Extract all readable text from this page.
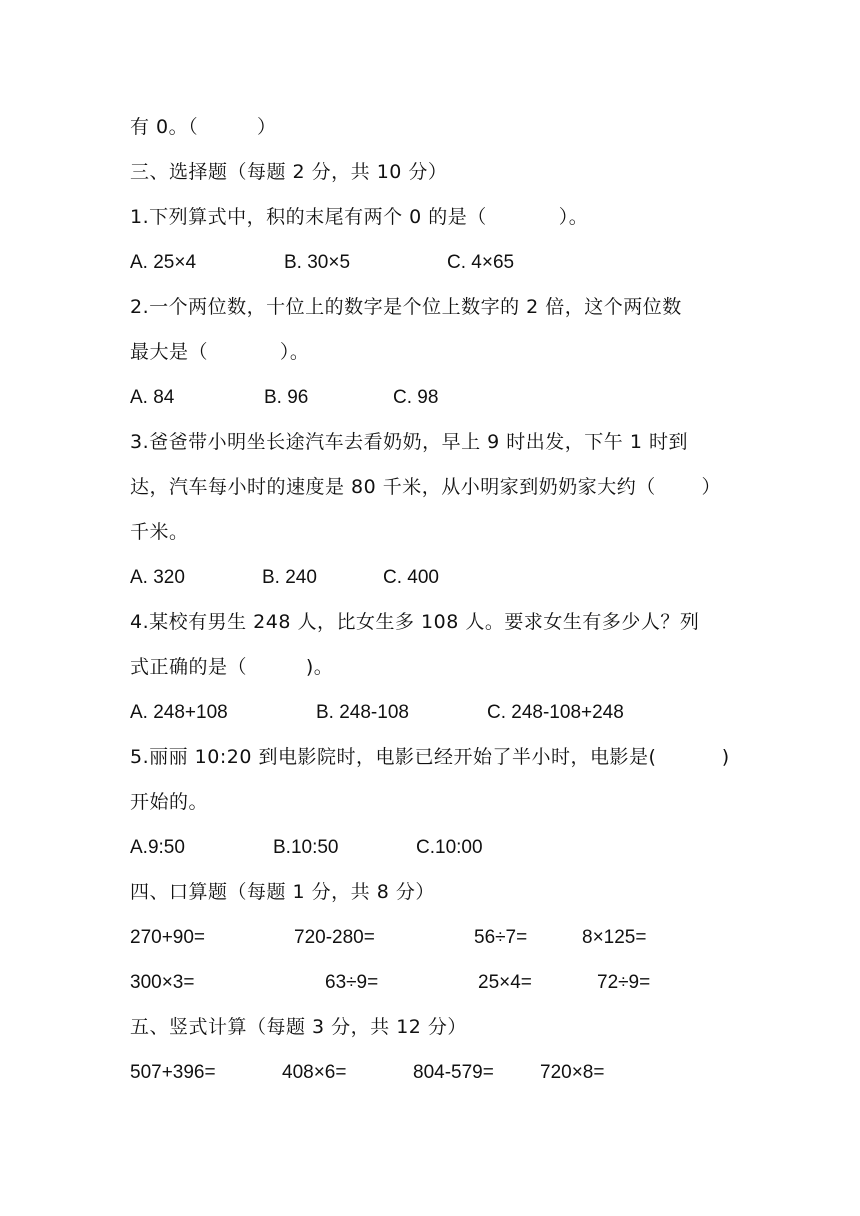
有 0。（         ）
三、选择题（每题 2 分，共 10 分）
1.下列算式中，积的末尾有两个 0 的是（           ）。
A. 25×4	B. 30×5	C. 4×65
2.一个两位数，十位上的数字是个位上数字的 2 倍，这个两位数
最大是（           ）。
A. 84	B. 96	C. 98
3.爸爸带小明坐长途汽车去看奶奶，早上 9 时出发，下午 1 时到
达，汽车每小时的速度是 80 千米，从小明家到奶奶家大约（       ）
千米。
A. 320	B. 240	C. 400
4.某校有男生 248 人，比女生多 108 人。要求女生有多少人？列
式正确的是（         )。
A. 248+108	B. 248-108	C. 248-108+248
5.丽丽 10:20 到电影院时，电影已经开始了半小时，电影是(          )
开始的。
A.9:50	B.10:50	C.10:00
四、口算题（每题 1 分，共 8 分）
270+90=	720-280=	56÷7=	8×125=
300×3=	63÷9=	25×4=	72÷9=
五、竖式计算（每题 3 分，共 12 分）
507+396=	408×6=	804-579= 720×8=
